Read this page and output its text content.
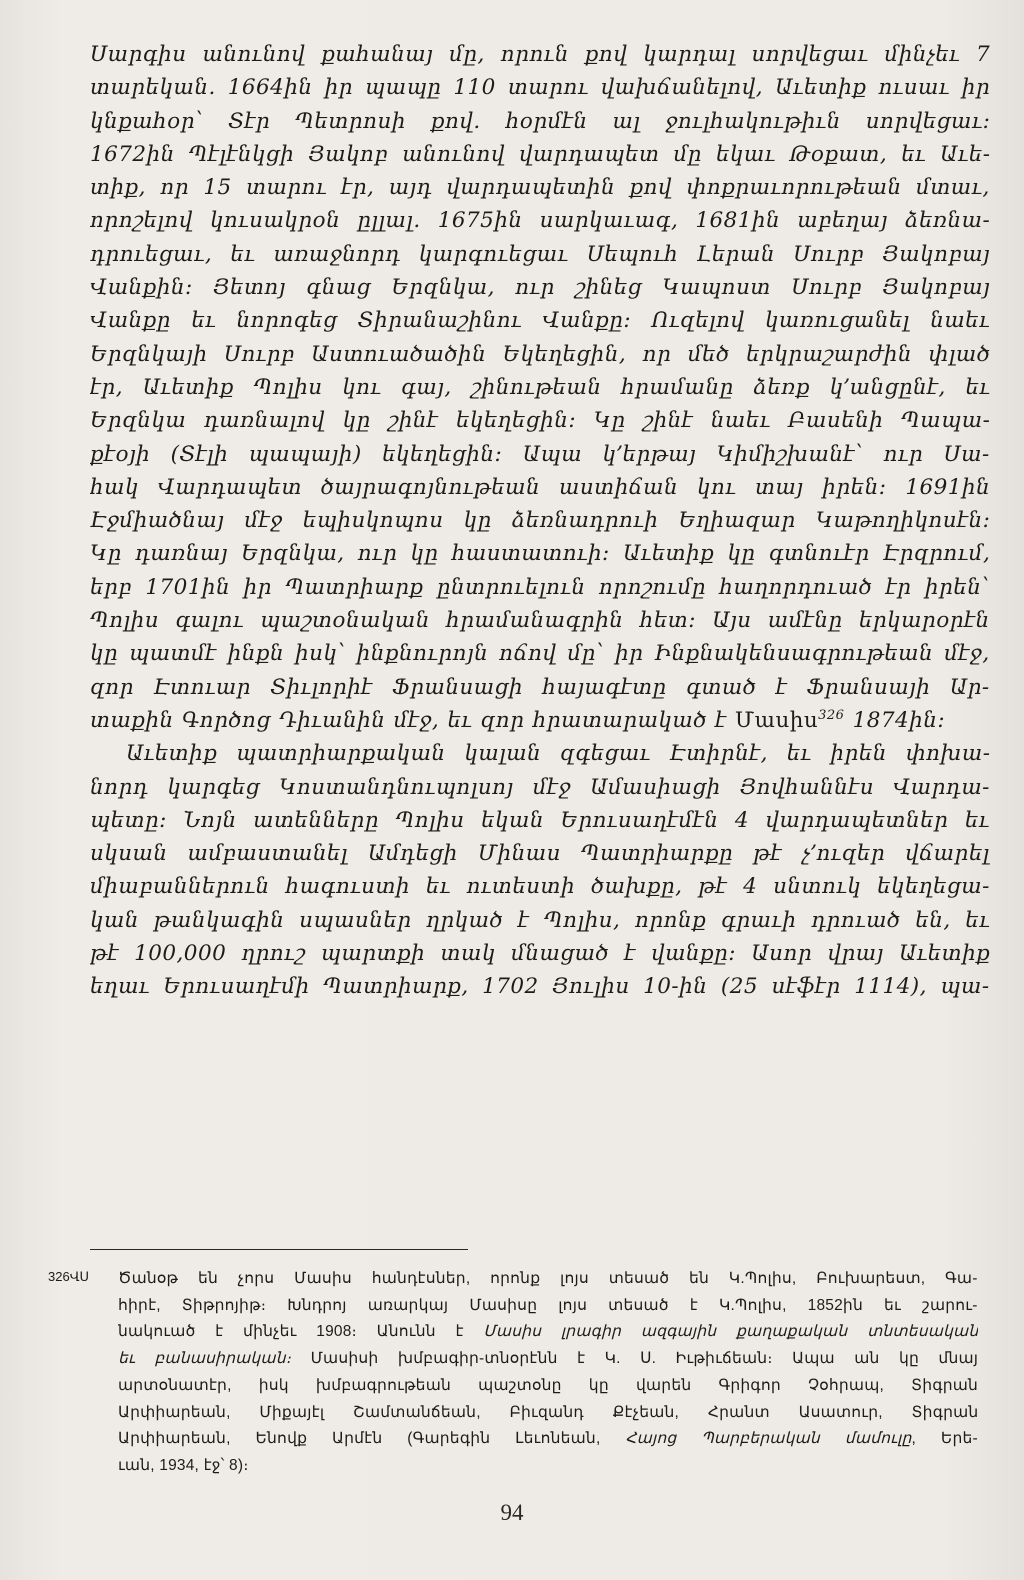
Սարգիս անունով քահանայ մը, որուն քով կարդալ սորվեցաւ մինչեւ 7
տարեկան. 1664ին իր պապը 110 տարու վախճանելով, Աւետիք ուսաւ իր
կնքահօր՝ Տէր Պետրոսի քով. հօրմէն ալ ջուլհակութիւն սորվեցաւ։
1672ին Պէլէնկցի Յակոբ անունով վարդապետ մը եկաւ Թօքատ, եւ Աւե-
տիք, որ 15 տարու էր, այդ վարդապետին քով փոքրաւորութեան մտաւ,
որոշելով կուսակրօն ըլլալ. 1675ին սարկաւագ, 1681ին աբեղայ ձեռնա-
դրուեցաւ, եւ առաջնորդ կարգուեցաւ Սեպուհ Լերան Սուրբ Յակոբայ
Վանքին։ Յետոյ գնաց Երզնկա, ուր շինեց Կապոստ Սուրբ Յակոբայ
Վանքը եւ նորոգեց Տիրանաշինու Վանքը։ Ուզելով կառուցանել նաեւ
Երզնկայի Սուրբ Աստուածածին Եկեղեցին, որ մեծ երկրաշարժին փլած
էր, Աւետիք Պոլիս կու գայ, շինութեան հրամանը ձեռք կ՚անցընէ, եւ
Երզնկա դառնալով կը շինէ եկեղեցին։ Կը շինէ նաեւ Բասենի Պապա-
քէօյի (Տէլի պապայի) եկեղեցին։ Ապա կ՚երթայ Կիմիշխանէ՝ ուր Սա-
հակ Վարդապետ ծայրագոյնութեան աստիճան կու տայ իրեն։ 1691ին
Էջմիածնայ մէջ եպիսկոպոս կը ձեռնադրուի Եղիազար Կաթողիկոսէն։
Կը դառնայ Երզնկա, ուր կը հաստատուի։ Աւետիք կը գտնուէր Էրզրում,
երբ 1701ին իր Պատրիարք ընտրուելուն որոշումը հաղորդուած էր իրեն՝
Պոլիս գալու պաշտօնական հրամանագրին հետ։ Այս ամէնը երկարօրէն
կը պատմէ ինքն իսկ՝ ինքնուրոյն ոճով մը՝ իր Ինքնակենսագրութեան մէջ,
զոր Էտուար Տիւլորիէ Ֆրանսացի հայագէտը գտած է Ֆրանսայի Ար-
տաքին Գործոց Դիւանին մէջ, եւ զոր հրատարակած է Մասիս$^{326}$ 1874ին։

Աւետիք պատրիարքական կալան զգեցաւ Էտիրնէ, եւ իրեն փոխա-
նորդ կարգեց Կոստանդնուպոլսոյ մէջ Ամասիացի Յովհաննէս Վարդա-
պետը։ Նոյն ատենները Պոլիս եկան Երուսաղէմէն 4 վարդապետներ եւ
սկսան ամբաստանել Ամդեցի Մինաս Պատրիարքը թէ չ՚ուզեր վճարել
միաբաններուն հագուստի եւ ուտեստի ծախքը, թէ 4 սնտուկ եկեղեցա-
կան թանկագին սպասներ ղրկած է Պոլիս, որոնք գրաւի դրուած են, եւ
թէ 100,000 ղրուշ պարտքի տակ մնացած է վանքը։ Ասոր վրայ Աւետիք
եղաւ Երուսաղէմի Պատրիարք, 1702 Յուլիս 10-ին (25 սէֆէր 1114), պա-

326ՎՍ Ծանօթ են չորս Մասիս հանդէսներ, որոնք լոյս տեսած են Կ.Պոլիս, Բուխարեստ, Գա-
հիրէ, Տիթրոյիթ։ Խնդրոյ առարկայ Մասիսը լոյս տեսած է Կ.Պոլիս, 1852ին եւ շարու-
նակուած է մինչեւ 1908։ Անունն է Մասիս լրագիր ազգային քաղաքական տնտեսական
եւ բանասիրական։ Մասիսի խմբագիր-տնօրէնն է Կ. Ս. Իւթիւճեան։ Ապա ան կը մնայ
արտօնատէր, իսկ խմբագրութեան պաշտօնը կը վարեն Գրիգոր Չօհրապ, Տիգրան
Արփիարեան, Միքայէլ Շամտանճեան, Բիւզանդ Քէչեան, Հրանտ Ասատուր, Տիգրան
Արփիարեան, Ենովք Արմէն (Գարեգին Լեւոնեան, Հայոց Պարբերական մամուլը, Երե-
ւան, 1934, էջ՝ 8)։
94
